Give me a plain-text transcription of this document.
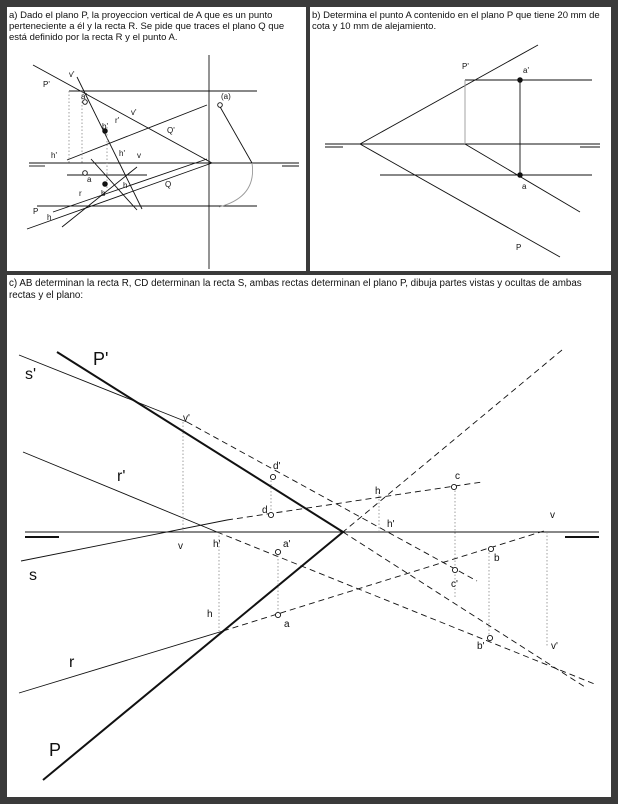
a) Dado el plano P, la proyeccion vertical de A que es un punto perteneciente a él y la recta R. Se pide que traces el plano Q que está definido por la recta R y el punto A.

v'
P'
a'
r'
b'
v'
(a)
Q'
h'	h' v
a
h
r b
Q
P
h

b) Determina el punto A contenido en el plano P que tiene 20 mm de cota y 10 mm de alejamiento.

P'	a'
a
P

c) AB determinan la recta R, CD determinan la recta S, ambas rectas determinan el plano P, dibuja partes vistas y ocultas de ambas rectas y el plano:

P'
s'
v'
r'
d'
c
h
d
h'
v
v	h'	a'
b
s
c'
h
a
r
b'	v'
P
